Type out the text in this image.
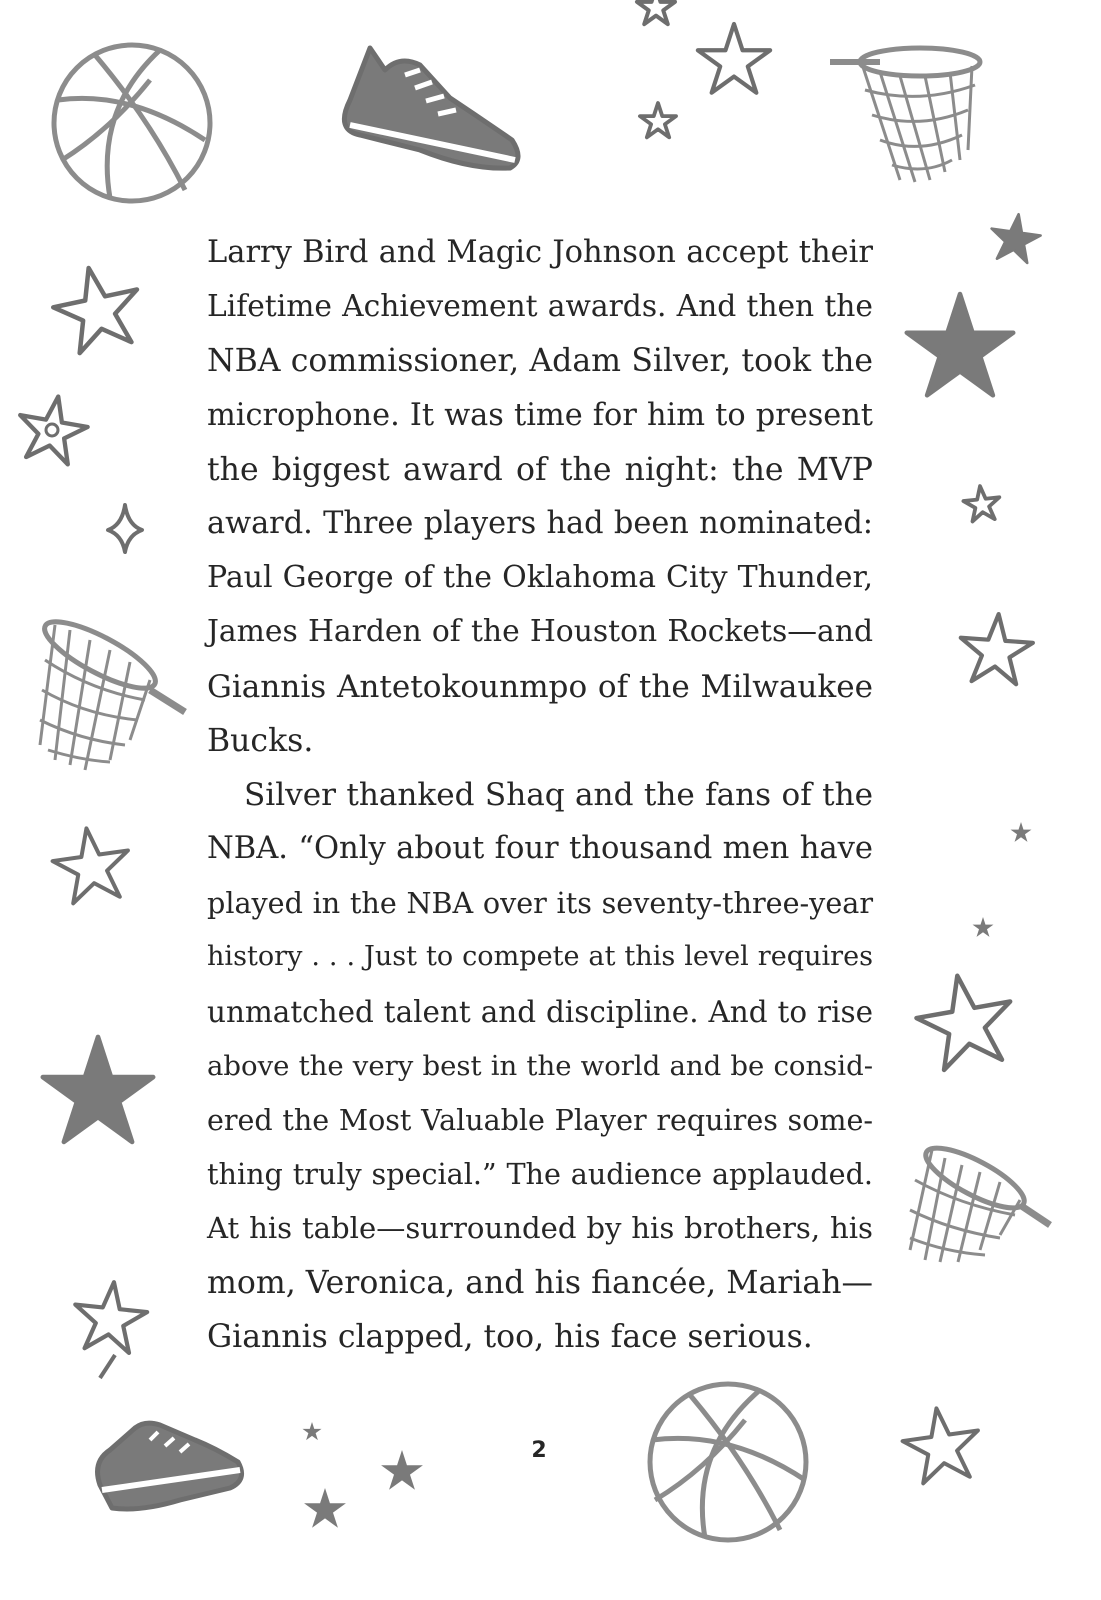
Larry Bird and Magic Johnson accept their
Lifetime Achievement awards. And then the
NBA commissioner, Adam Silver, took the
microphone. It was time for him to present
the biggest award of the night: the MVP
award. Three players had been nominated:
Paul George of the Oklahoma City Thunder,
James Harden of the Houston Rockets—and
Giannis Antetokounmpo of the Milwaukee
Bucks.
Silver thanked Shaq and the fans of the
NBA. “Only about four thousand men have
played in the NBA over its seventy-three-year
history . . . Just to compete at this level requires
unmatched talent and discipline. And to rise
above the very best in the world and be consid-
ered the Most Valuable Player requires some-
thing truly special.” The audience applauded.
At his table—surrounded by his brothers, his
mom, Veronica, and his fiancée, Mariah—
Giannis clapped, too, his face serious.
2
